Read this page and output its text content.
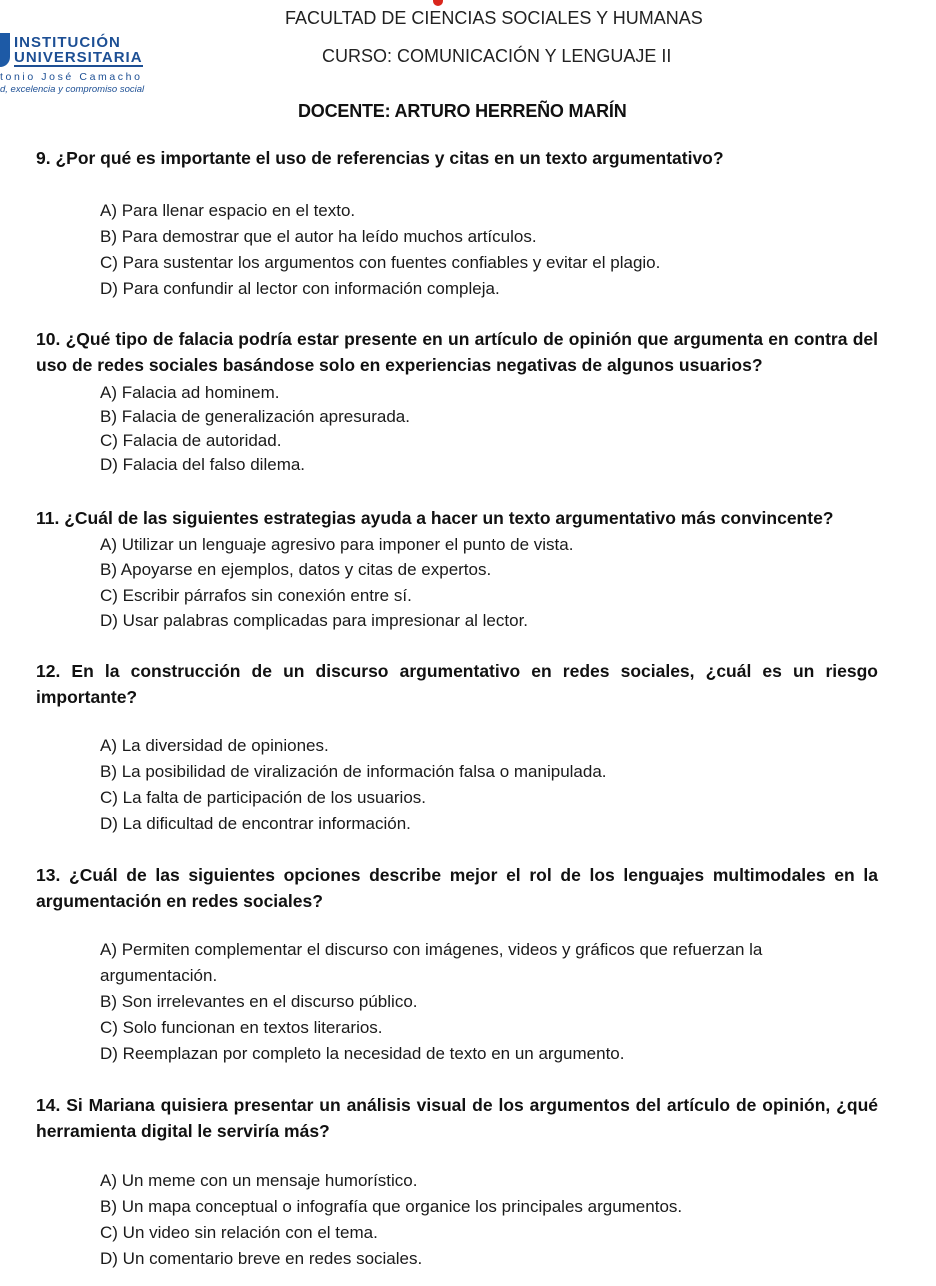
INSTITUCIÓN
UNIVERSITARIA
tonio José Camacho
d, excelencia y compromiso social
FACULTAD DE CIENCIAS SOCIALES Y HUMANAS
CURSO: COMUNICACIÓN Y LENGUAJE II
DOCENTE: ARTURO HERREÑO MARÍN
9. ¿Por qué es importante el uso de referencias y citas en un texto argumentativo?
A) Para llenar espacio en el texto.
B) Para demostrar que el autor ha leído muchos artículos.
C) Para sustentar los argumentos con fuentes confiables y evitar el plagio.
D) Para confundir al lector con información compleja.
10. ¿Qué tipo de falacia podría estar presente en un artículo de opinión que argumenta en contra del uso de redes sociales basándose solo en experiencias negativas de algunos usuarios?
A) Falacia ad hominem.
B) Falacia de generalización apresurada.
C) Falacia de autoridad.
D) Falacia del falso dilema.
11. ¿Cuál de las siguientes estrategias ayuda a hacer un texto argumentativo más convincente?
A) Utilizar un lenguaje agresivo para imponer el punto de vista.
B) Apoyarse en ejemplos, datos y citas de expertos.
C) Escribir párrafos sin conexión entre sí.
D) Usar palabras complicadas para impresionar al lector.
12. En la construcción de un discurso argumentativo en redes sociales, ¿cuál es un riesgo importante?
A) La diversidad de opiniones.
B) La posibilidad de viralización de información falsa o manipulada.
C) La falta de participación de los usuarios.
D) La dificultad de encontrar información.
13. ¿Cuál de las siguientes opciones describe mejor el rol de los lenguajes multimodales en la argumentación en redes sociales?
A) Permiten complementar el discurso con imágenes, videos y gráficos que refuerzan la argumentación.
B) Son irrelevantes en el discurso público.
C) Solo funcionan en textos literarios.
D) Reemplazan por completo la necesidad de texto en un argumento.
14. Si Mariana quisiera presentar un análisis visual de los argumentos del artículo de opinión, ¿qué herramienta digital le serviría más?
A) Un meme con un mensaje humorístico.
B) Un mapa conceptual o infografía que organice los principales argumentos.
C) Un video sin relación con el tema.
D) Un comentario breve en redes sociales.
